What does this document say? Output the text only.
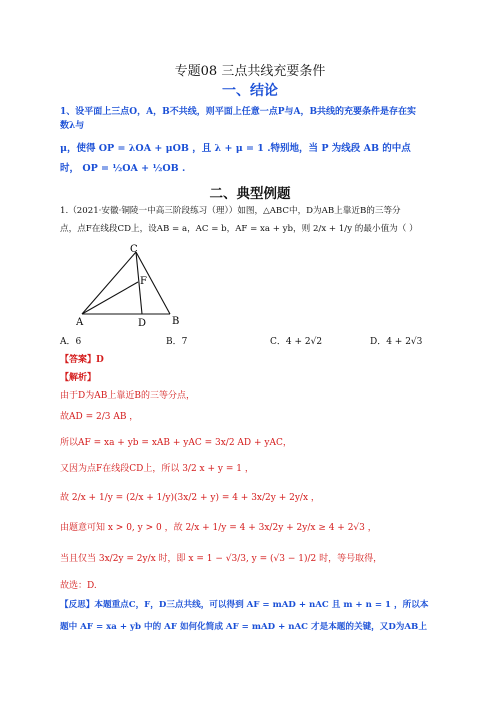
专题08 三点共线充要条件
一、结论
1、设平面上三点O，A，B不共线，则平面上任意一点P与A，B共线的充要条件是存在实
数λ与
μ，使得 OP = λOA + μOB ，且 λ + μ = 1 .特别地，当 P 为线段 AB 的中点
时， OP = ½OA + ½OB .
二、典型例题
1.（2021·安徽·铜陵一中高三阶段练习（理））如图，△ABC中，D为AB上靠近B的三等分
点，点F在线段CD上，设AB = a，AC = b，AF = xa + yb，则 2/x + 1/y 的最小值为（ ）
C
F
A	D	B
A．6	B．7	C．4 + 2√2	D．4 + 2√3
【答案】D
【解析】
由于D为AB上靠近B的三等分点，
故AD = 2/3 AB ，
所以AF = xa + yb = xAB + yAC = 3x/2 AD + yAC，
又因为点F在线段CD上，所以 3/2 x + y = 1 ，
故 2/x + 1/y = (2/x + 1/y)(3x/2 + y) = 4 + 3x/2y + 2y/x ，
由题意可知 x > 0, y > 0 ，故 2/x + 1/y = 4 + 3x/2y + 2y/x ≥ 4 + 2√3 ，
当且仅当 3x/2y = 2y/x 时，即 x = 1 − √3/3, y = (√3 − 1)/2 时，等号取得，
故选：D.
【反思】本题重点C，F，D三点共线，可以得到 AF = mAD + nAC 且 m + n = 1 ，所以本
题中 AF = xa + yb 中的 AF 如何化简成 AF = mAD + nAC 才是本题的关键，又D为AB上
